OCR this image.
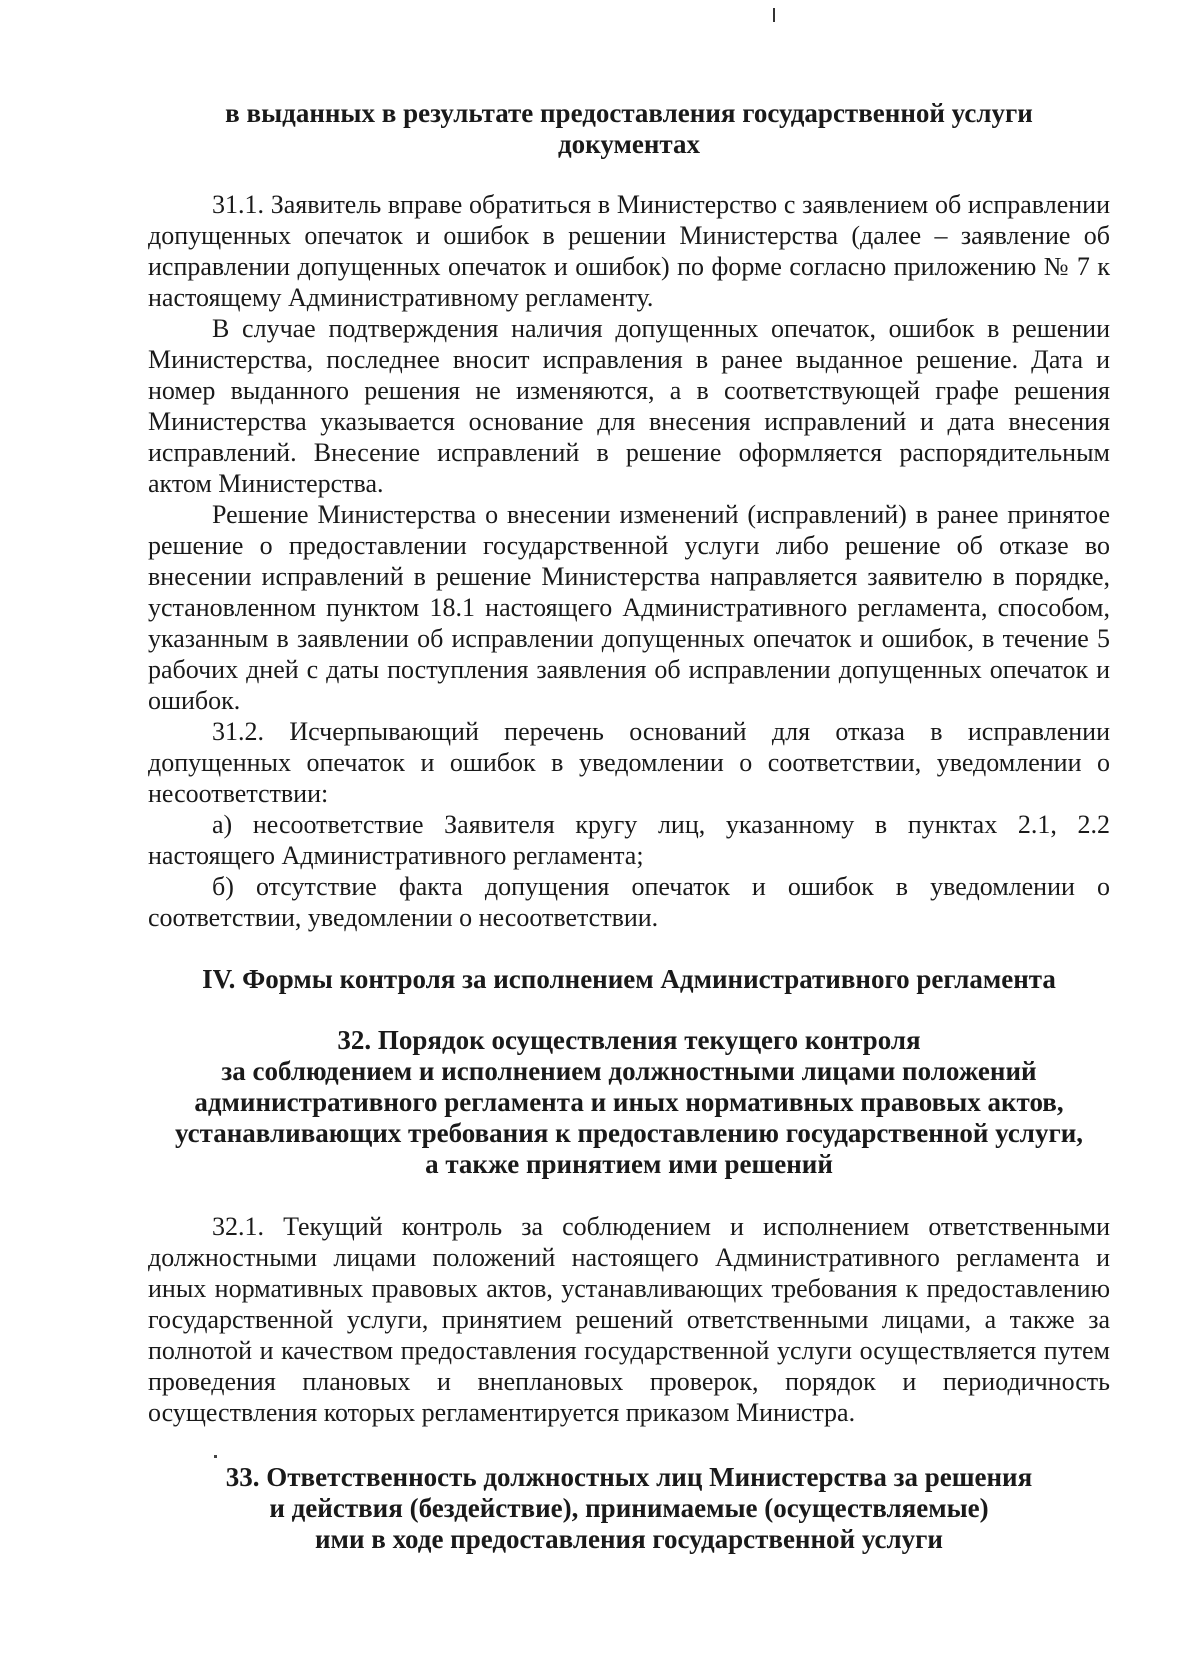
в выданных в результате предоставления государственной услуги
документах

31.1. Заявитель вправе обратиться в Министерство с заявлением об исправлении допущенных опечаток и ошибок в решении Министерства (далее – заявление об исправлении допущенных опечаток и ошибок) по форме согласно приложению № 7 к настоящему Административному регламенту.

В случае подтверждения наличия допущенных опечаток, ошибок в решении Министерства, последнее вносит исправления в ранее выданное решение. Дата и номер выданного решения не изменяются, а в соответствующей графе решения Министерства указывается основание для внесения исправлений и дата внесения исправлений. Внесение исправлений в решение оформляется распорядительным актом Министерства.

Решение Министерства о внесении изменений (исправлений) в ранее принятое решение о предоставлении государственной услуги либо решение об отказе во внесении исправлений в решение Министерства направляется заявителю в порядке, установленном пунктом 18.1 настоящего Административного регламента, способом, указанным в заявлении об исправлении допущенных опечаток и ошибок, в течение 5 рабочих дней с даты поступления заявления об исправлении допущенных опечаток и ошибок.

31.2. Исчерпывающий перечень оснований для отказа в исправлении допущенных опечаток и ошибок в уведомлении о соответствии, уведомлении о несоответствии:

а) несоответствие Заявителя кругу лиц, указанному в пунктах 2.1, 2.2 настоящего Административного регламента;

б) отсутствие факта допущения опечаток и ошибок в уведомлении о соответствии, уведомлении о несоответствии.

IV. Формы контроля за исполнением Административного регламента
32. Порядок осуществления текущего контроля
за соблюдением и исполнением должностными лицами положений
административного регламента и иных нормативных правовых актов,
устанавливающих требования к предоставлению государственной услуги,
а также принятием ими решений

32.1. Текущий контроль за соблюдением и исполнением ответственными должностными лицами положений настоящего Административного регламента и иных нормативных правовых актов, устанавливающих требования к предоставлению государственной услуги, принятием решений ответственными лицами, а также за полнотой и качеством предоставления государственной услуги осуществляется путем проведения плановых и внеплановых проверок, порядок и периодичность осуществления которых регламентируется приказом Министра.

33. Ответственность должностных лиц Министерства за решения
и действия (бездействие), принимаемые (осуществляемые)
ими в ходе предоставления государственной услуги
